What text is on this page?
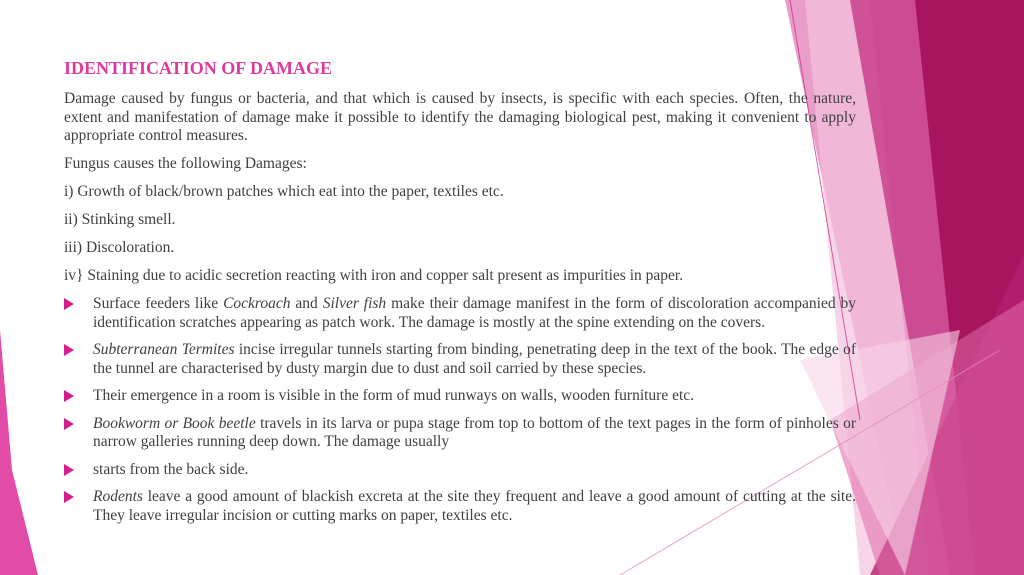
IDENTIFICATION OF DAMAGE

Damage caused by fungus or bacteria, and that which is caused by insects, is specific with each species. Often, the nature, extent and manifestation of damage make it possible to identify the damaging biological pest, making it convenient to apply appropriate control measures.

Fungus causes the following Damages:

i) Growth of black/brown patches which eat into the paper, textiles etc.

ii) Stinking smell.

iii) Discoloration.

iv} Staining due to acidic secretion reacting with iron and copper salt present as impurities in paper.

Surface feeders like Cockroach and Silver fish make their damage manifest in the form of discoloration accompanied by identification scratches appearing as patch work. The damage is mostly at the spine extending on the covers.
Subterranean Termites incise irregular tunnels starting from binding, penetrating deep in the text of the book. The edge of the tunnel are characterised by dusty margin due to dust and soil carried by these species.
Their emergence in a room is visible in the form of mud runways on walls, wooden furniture etc.
Bookworm or Book beetle travels in its larva or pupa stage from top to bottom of the text pages in the form of pinholes or narrow galleries running deep down. The damage usually
starts from the back side.
Rodents leave a good amount of blackish excreta at the site they frequent and leave a good amount of cutting at the site. They leave irregular incision or cutting marks on paper, textiles etc.
